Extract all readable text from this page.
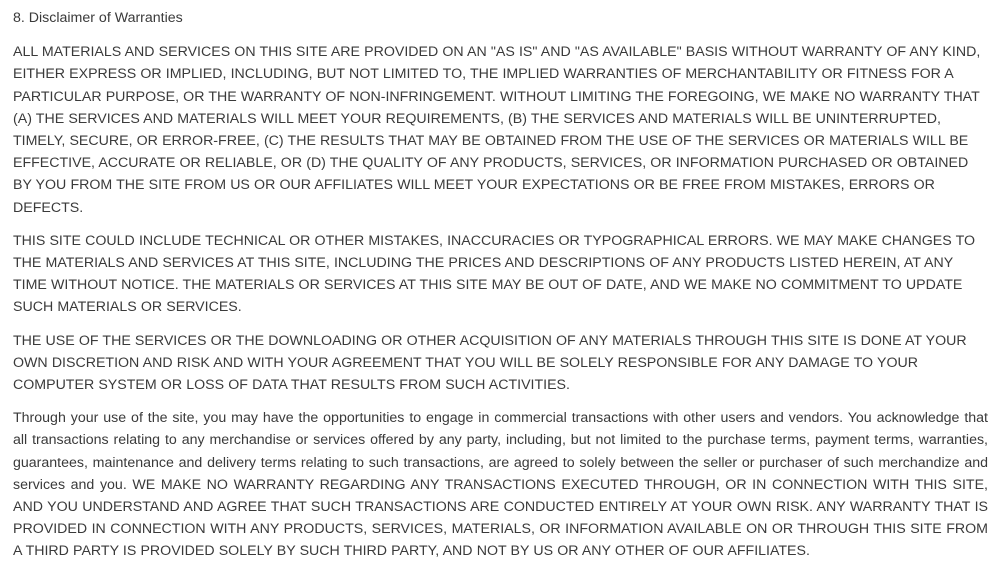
8. Disclaimer of Warranties

ALL MATERIALS AND SERVICES ON THIS SITE ARE PROVIDED ON AN "AS IS" AND "AS AVAILABLE" BASIS WITHOUT WARRANTY OF ANY KIND, EITHER EXPRESS OR IMPLIED, INCLUDING, BUT NOT LIMITED TO, THE IMPLIED WARRANTIES OF MERCHANTABILITY OR FITNESS FOR A PARTICULAR PURPOSE, OR THE WARRANTY OF NON-INFRINGEMENT. WITHOUT LIMITING THE FOREGOING, WE MAKE NO WARRANTY THAT (A) THE SERVICES AND MATERIALS WILL MEET YOUR REQUIREMENTS, (B) THE SERVICES AND MATERIALS WILL BE UNINTERRUPTED, TIMELY, SECURE, OR ERROR-FREE, (C) THE RESULTS THAT MAY BE OBTAINED FROM THE USE OF THE SERVICES OR MATERIALS WILL BE EFFECTIVE, ACCURATE OR RELIABLE, OR (D) THE QUALITY OF ANY PRODUCTS, SERVICES, OR INFORMATION PURCHASED OR OBTAINED BY YOU FROM THE SITE FROM US OR OUR AFFILIATES WILL MEET YOUR EXPECTATIONS OR BE FREE FROM MISTAKES, ERRORS OR DEFECTS.

THIS SITE COULD INCLUDE TECHNICAL OR OTHER MISTAKES, INACCURACIES OR TYPOGRAPHICAL ERRORS. WE MAY MAKE CHANGES TO THE MATERIALS AND SERVICES AT THIS SITE, INCLUDING THE PRICES AND DESCRIPTIONS OF ANY PRODUCTS LISTED HEREIN, AT ANY TIME WITHOUT NOTICE. THE MATERIALS OR SERVICES AT THIS SITE MAY BE OUT OF DATE, AND WE MAKE NO COMMITMENT TO UPDATE SUCH MATERIALS OR SERVICES.

THE USE OF THE SERVICES OR THE DOWNLOADING OR OTHER ACQUISITION OF ANY MATERIALS THROUGH THIS SITE IS DONE AT YOUR OWN DISCRETION AND RISK AND WITH YOUR AGREEMENT THAT YOU WILL BE SOLELY RESPONSIBLE FOR ANY DAMAGE TO YOUR COMPUTER SYSTEM OR LOSS OF DATA THAT RESULTS FROM SUCH ACTIVITIES.

Through your use of the site, you may have the opportunities to engage in commercial transactions with other users and vendors. You acknowledge that all transactions relating to any merchandise or services offered by any party, including, but not limited to the purchase terms, payment terms, warranties, guarantees, maintenance and delivery terms relating to such transactions, are agreed to solely between the seller or purchaser of such merchandize and services and you. WE MAKE NO WARRANTY REGARDING ANY TRANSACTIONS EXECUTED THROUGH, OR IN CONNECTION WITH THIS SITE, AND YOU UNDERSTAND AND AGREE THAT SUCH TRANSACTIONS ARE CONDUCTED ENTIRELY AT YOUR OWN RISK. ANY WARRANTY THAT IS PROVIDED IN CONNECTION WITH ANY PRODUCTS, SERVICES, MATERIALS, OR INFORMATION AVAILABLE ON OR THROUGH THIS SITE FROM A THIRD PARTY IS PROVIDED SOLELY BY SUCH THIRD PARTY, AND NOT BY US OR ANY OTHER OF OUR AFFILIATES.
